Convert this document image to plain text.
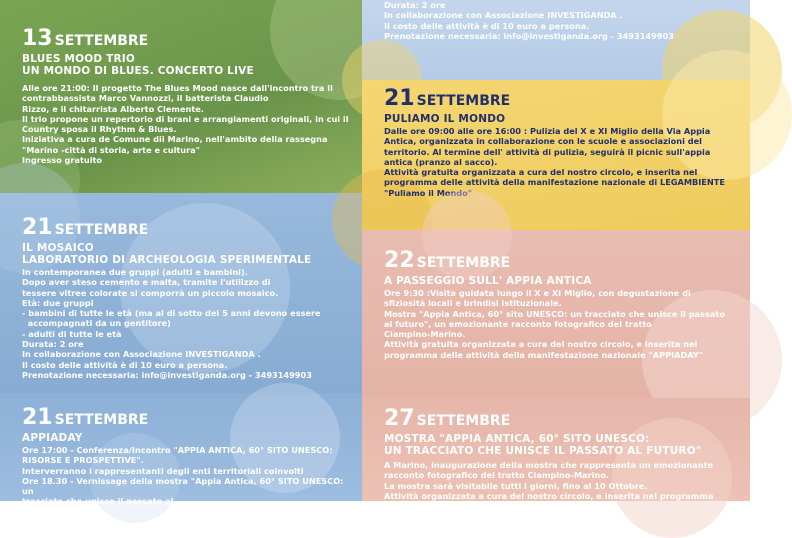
13 SETTEMBRE
BLUES MOOD TRIO
UN MONDO DI BLUES. CONCERTO LIVE
Alle ore 21:00: Il progetto The Blues Mood nasce dall'incontro tra il
contrabbassista Marco Vannozzi, il batterista Claudio
Rizzo, e il chitarrista Alberto Clemente.
Il trio propone un repertorio di brani e arrangiamenti originali, in cui il
Country sposa il Rhythm & Blues.
Iniziativa a cura de Comune dii Marino, nell'ambito della rassegna
"Marino -città di storia, arte e cultura"
Ingresso gratuito
21 SETTEMBRE
IL MOSAICO
LABORATORIO DI ARCHEOLOGIA SPERIMENTALE
In contemporanea due gruppi (adulti e bambini).
Dopo aver steso cemento e malta, tramite l'utilizzo di
tessere vitree colorate si comporrà un piccolo mosaico.
Età: due gruppi
- bambini di tutte le età (ma al di sotto dei 5 anni devono essere
accompagnati da un gentitore)
- adulti di tutte le età
Durata: 2 ore
In collaborazione con Associazione INVESTIGANDA .
Il costo delle attività è di 10 euro a persona.
Prenotazione necessaria: info@investiganda.org - 3493149903
21 SETTEMBRE
APPIADAY
Ore 17:00 - Conferenza/Incontro "APPIA ANTICA, 60° SITO UNESCO:
RISORSE E PROSPETTIVE".
Interverranno i rappresentanti degli enti territoriali coinvolti
Ore 18.30 - Vernissage della mostra "Appia Antica, 60° SITO UNESCO: un
tracciato che unisce il passato al
Durata: 2 ore
In collaborazione con Associazione INVESTIGANDA .
Il costo delle attività è di 10 euro a persona.
Prenotazione necessaria: info@investiganda.org - 3493149903
21 SETTEMBRE
PULIAMO IL MONDO
Dalle ore 09:00 alle ore 16:00 : Pulizia del X e XI Miglio della Via Appia
Antica, organizzata in collaborazione con le scuole e associazioni del
territorio. Al termine dell' attività di pulizia, seguirà il picnic sull'appia
antica (pranzo al sacco).
Attività gratuita organizzata a cura del nostro circolo, e inserita nel
programma delle attività della manifestazione nazionale di LEGAMBIENTE
"Puliamo il Mondo"
22 SETTEMBRE
A PASSEGGIO SULL' APPIA ANTICA
Ore 9:30 :Visita guidata lungo il X e XI Miglio, con degustazione di
sfiziosità locali e brindisi istituzionale.
Mostra "Appia Antica, 60° sito UNESCO: un tracciato che unisce il passato
al futuro", un emozionante racconto fotografico del tratto
Ciampino-Marino.
Attività gratuita organizzata a cura del nostro circolo, e inserita nel
programma delle attività della manifestazione nazionale "APPIADAY"
27 SETTEMBRE
MOSTRA "APPIA ANTICA, 60° SITO UNESCO:
UN TRACCIATO CHE UNISCE IL PASSATO AL FUTURO"
A Marino, inaugurazione della mostra che rappresenta un emozionante
racconto fotografico del tratto Ciampino-Marino.
La mostra sarà visitabile tutti i giorni, fino al 10 Ottobre.
Attività organizzata a cura del nostro circolo, e inserita nel programma
